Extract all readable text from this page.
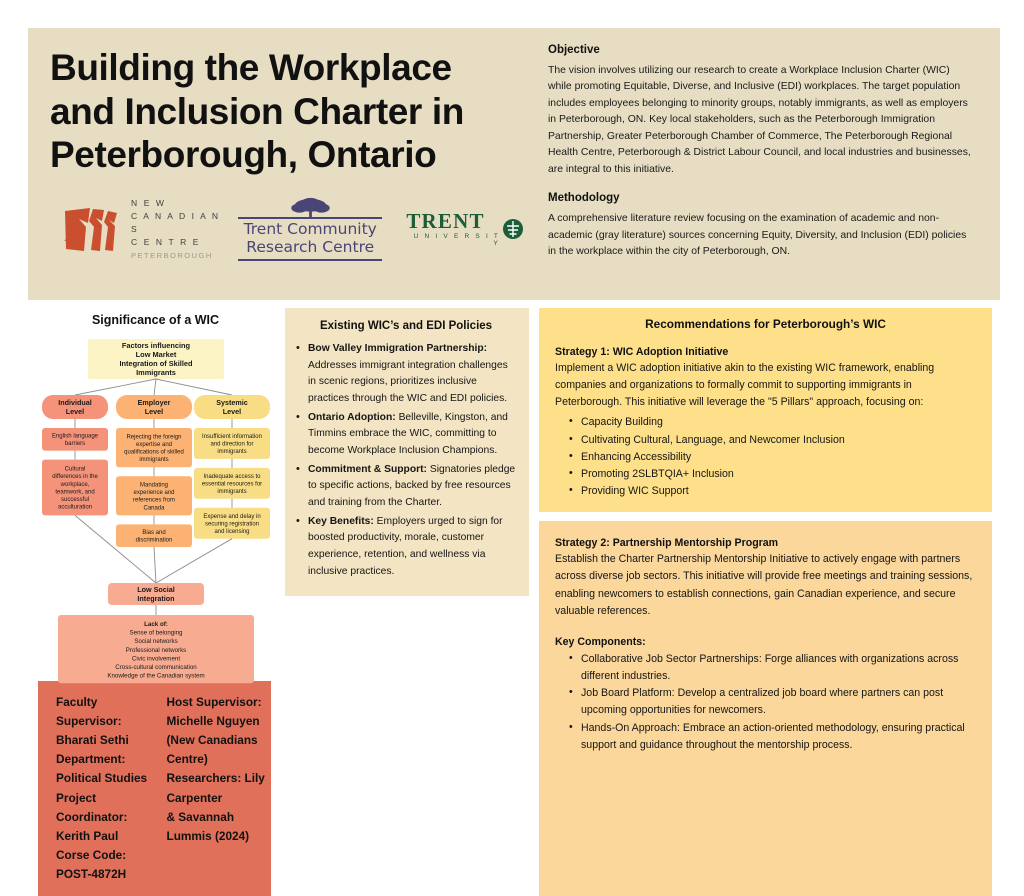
Building the Workplace and Inclusion Charter in Peterborough, Ontario
N E W
C A N A D I A N S
C E N T R E
PETERBOROUGH
Trent Community
Research Centre
TRENT
U N I V E R S I T Y
Objective

The vision involves utilizing our research to create a Workplace Inclusion Charter (WIC) while promoting Equitable, Diverse, and Inclusive (EDI) workplaces. The target population includes employees belonging to minority groups, notably immigrants, as well as employers in Peterborough, ON. Key local stakeholders, such as the Peterborough Immigration Partnership, Greater Peterborough Chamber of Commerce, The Peterborough Regional Health Centre, Peterborough & District Labour Council, and local industries and businesses, are integral to this initiative.

Methodology

A comprehensive literature review focusing on the examination of academic and non-academic (gray literature) sources concerning Equity, Diversity, and Inclusion (EDI) policies in the workplace within the city of Peterborough, ON.

Significance of a WIC
Factors influencing
Low Market
Integration of Skilled
Immigrants
Individual
Level
Employer
Level
Systemic
Level
English language
barriers
Cultural
differences in the
workplace,
teamwork, and
successful
acculturation
Rejecting the foreign
expertise and
qualifications of skilled
immigrants
Mandating
experience and
references from
Canada
Bias and
discrimination
Insufficient information
and direction for
immigrants
Inadequate access to
essential resources for
immigrants
Expense and delay in
securing registration
and licensing
Low Social
Integration
Lack of:
Sense of belonging
Social networks
Professional networks
Civic involvement
Cross-cultural communication
Knowledge of the Canadian system
Faculty Supervisor: Bharati Sethi
Department: Political Studies
Project Coordinator: Kerith Paul
Corse Code: POST-4872H
Host Supervisor: Michelle Nguyen
(New Canadians Centre)
Researchers: Lily Carpenter
& Savannah Lummis (2024)
Existing WIC’s and EDI Policies
• Bow Valley Immigration Partnership: Addresses immigrant integration challenges in scenic regions, prioritizes inclusive practices through the WIC and EDI policies.
• Ontario Adoption: Belleville, Kingston, and Timmins embrace the WIC, committing to become Workplace Inclusion Champions.
• Commitment & Support: Signatories pledge to specific actions, backed by free resources and training from the Charter.
• Key Benefits: Employers urged to sign for boosted productivity, morale, customer experience, retention, and wellness via inclusive practices.
Recommendations for Peterborough’s WIC
Strategy 1: WIC Adoption Initiative

Implement a WIC adoption initiative akin to the existing WIC framework, enabling companies and organizations to formally commit to supporting immigrants in Peterborough. This initiative will leverage the "5 Pillars" approach, focusing on:

• Capacity Building
• Cultivating Cultural, Language, and Newcomer Inclusion
• Enhancing Accessibility
• Promoting 2SLBTQIA+ Inclusion
• Providing WIC Support
Strategy 2: Partnership Mentorship Program

Establish the Charter Partnership Mentorship Initiative to actively engage with partners across diverse job sectors. This initiative will provide free meetings and training sessions, enabling newcomers to establish connections, gain Canadian experience, and secure valuable references.

Key Components:
• Collaborative Job Sector Partnerships: Forge alliances with organizations across different industries.
• Job Board Platform: Develop a centralized job board where partners can post upcoming opportunities for newcomers.
• Hands-On Approach: Embrace an action-oriented methodology, ensuring practical support and guidance throughout the mentorship process.
